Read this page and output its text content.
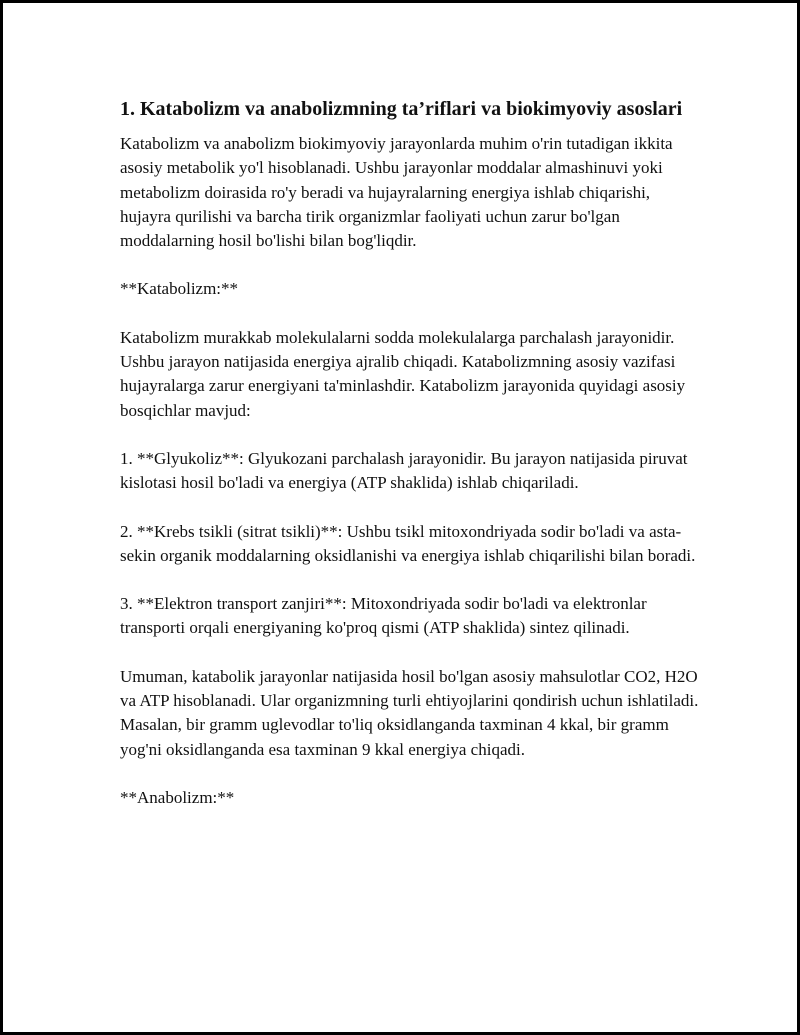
1. Katabolizm va anabolizmning ta’riflari va biokimyoviy asoslari

Katabolizm va anabolizm biokimyoviy jarayonlarda muhim o'rin tutadigan ikkita asosiy metabolik yo'l hisoblanadi. Ushbu jarayonlar moddalar almashinuvi yoki metabolizm doirasida ro'y beradi va hujayralarning energiya ishlab chiqarishi, hujayra qurilishi va barcha tirik organizmlar faoliyati uchun zarur bo'lgan moddalarning hosil bo'lishi bilan bog'liqdir.

**Katabolizm:**

Katabolizm murakkab molekulalarni sodda molekulalarga parchalash jarayonidir. Ushbu jarayon natijasida energiya ajralib chiqadi. Katabolizmning asosiy vazifasi hujayralarga zarur energiyani ta'minlashdir. Katabolizm jarayonida quyidagi asosiy bosqichlar mavjud:

1. **Glyukoliz**: Glyukozani parchalash jarayonidir. Bu jarayon natijasida piruvat kislotasi hosil bo'ladi va energiya (ATP shaklida) ishlab chiqariladi.

2. **Krebs tsikli (sitrat tsikli)**: Ushbu tsikl mitoxondriyada sodir bo'ladi va asta-sekin organik moddalarning oksidlanishi va energiya ishlab chiqarilishi bilan boradi.

3. **Elektron transport zanjiri**: Mitoxondriyada sodir bo'ladi va elektronlar transporti orqali energiyaning ko'proq qismi (ATP shaklida) sintez qilinadi.

Umuman, katabolik jarayonlar natijasida hosil bo'lgan asosiy mahsulotlar CO2, H2O va ATP hisoblanadi. Ular organizmning turli ehtiyojlarini qondirish uchun ishlatiladi. Masalan, bir gramm uglevodlar to'liq oksidlanganda taxminan 4 kkal, bir gramm yog'ni oksidlanganda esa taxminan 9 kkal energiya chiqadi.

**Anabolizm:**
